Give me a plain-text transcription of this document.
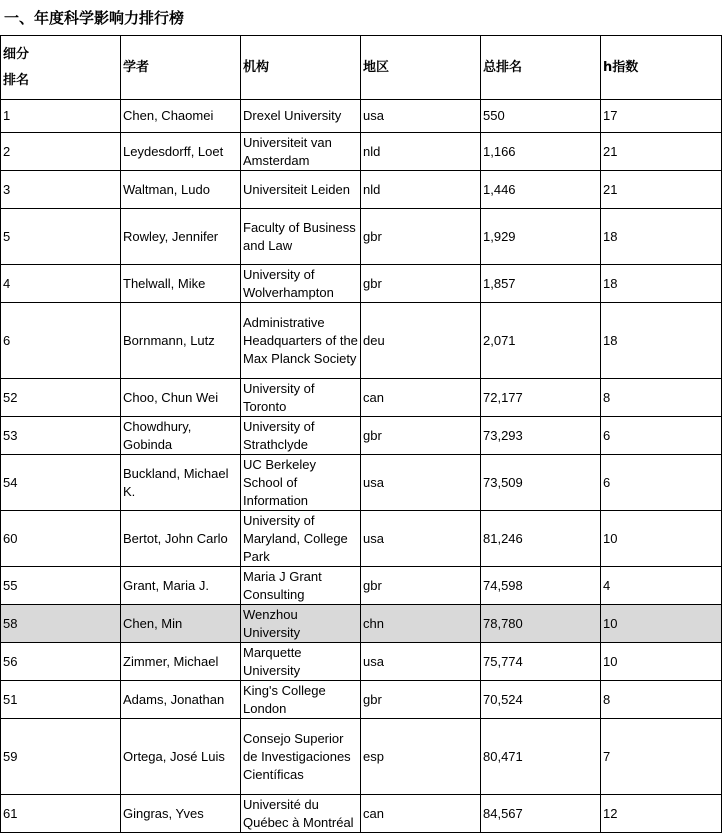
一、年度科学影响力排行榜
细分
排名	学者	机构	地区	总排名	h指数
1	Chen, Chaomei	Drexel University	usa	550	17
2	Leydesdorff, Loet	Universiteit van Amsterdam	nld	1,166	21
3	Waltman, Ludo	Universiteit Leiden	nld	1,446	21
5	Rowley, Jennifer	Faculty of Business and Law	gbr	1,929	18
4	Thelwall, Mike	University of Wolverhampton	gbr	1,857	18
6	Bornmann, Lutz	Administrative Headquarters of the Max Planck Society	deu	2,071	18
52	Choo, Chun Wei	University of Toronto	can	72,177	8
53	Chowdhury, Gobinda	University of Strathclyde	gbr	73,293	6
54	Buckland, Michael K.	UC Berkeley School of Information	usa	73,509	6
60	Bertot, John Carlo	University of Maryland, College Park	usa	81,246	10
55	Grant, Maria J.	Maria J Grant Consulting	gbr	74,598	4
58	Chen, Min	Wenzhou University	chn	78,780	10
56	Zimmer, Michael	Marquette University	usa	75,774	10
51	Adams, Jonathan	King's College London	gbr	70,524	8
59	Ortega, José Luis	Consejo Superior de Investigaciones Científicas	esp	80,471	7
61	Gingras, Yves	Université du Québec à Montréal	can	84,567	12
